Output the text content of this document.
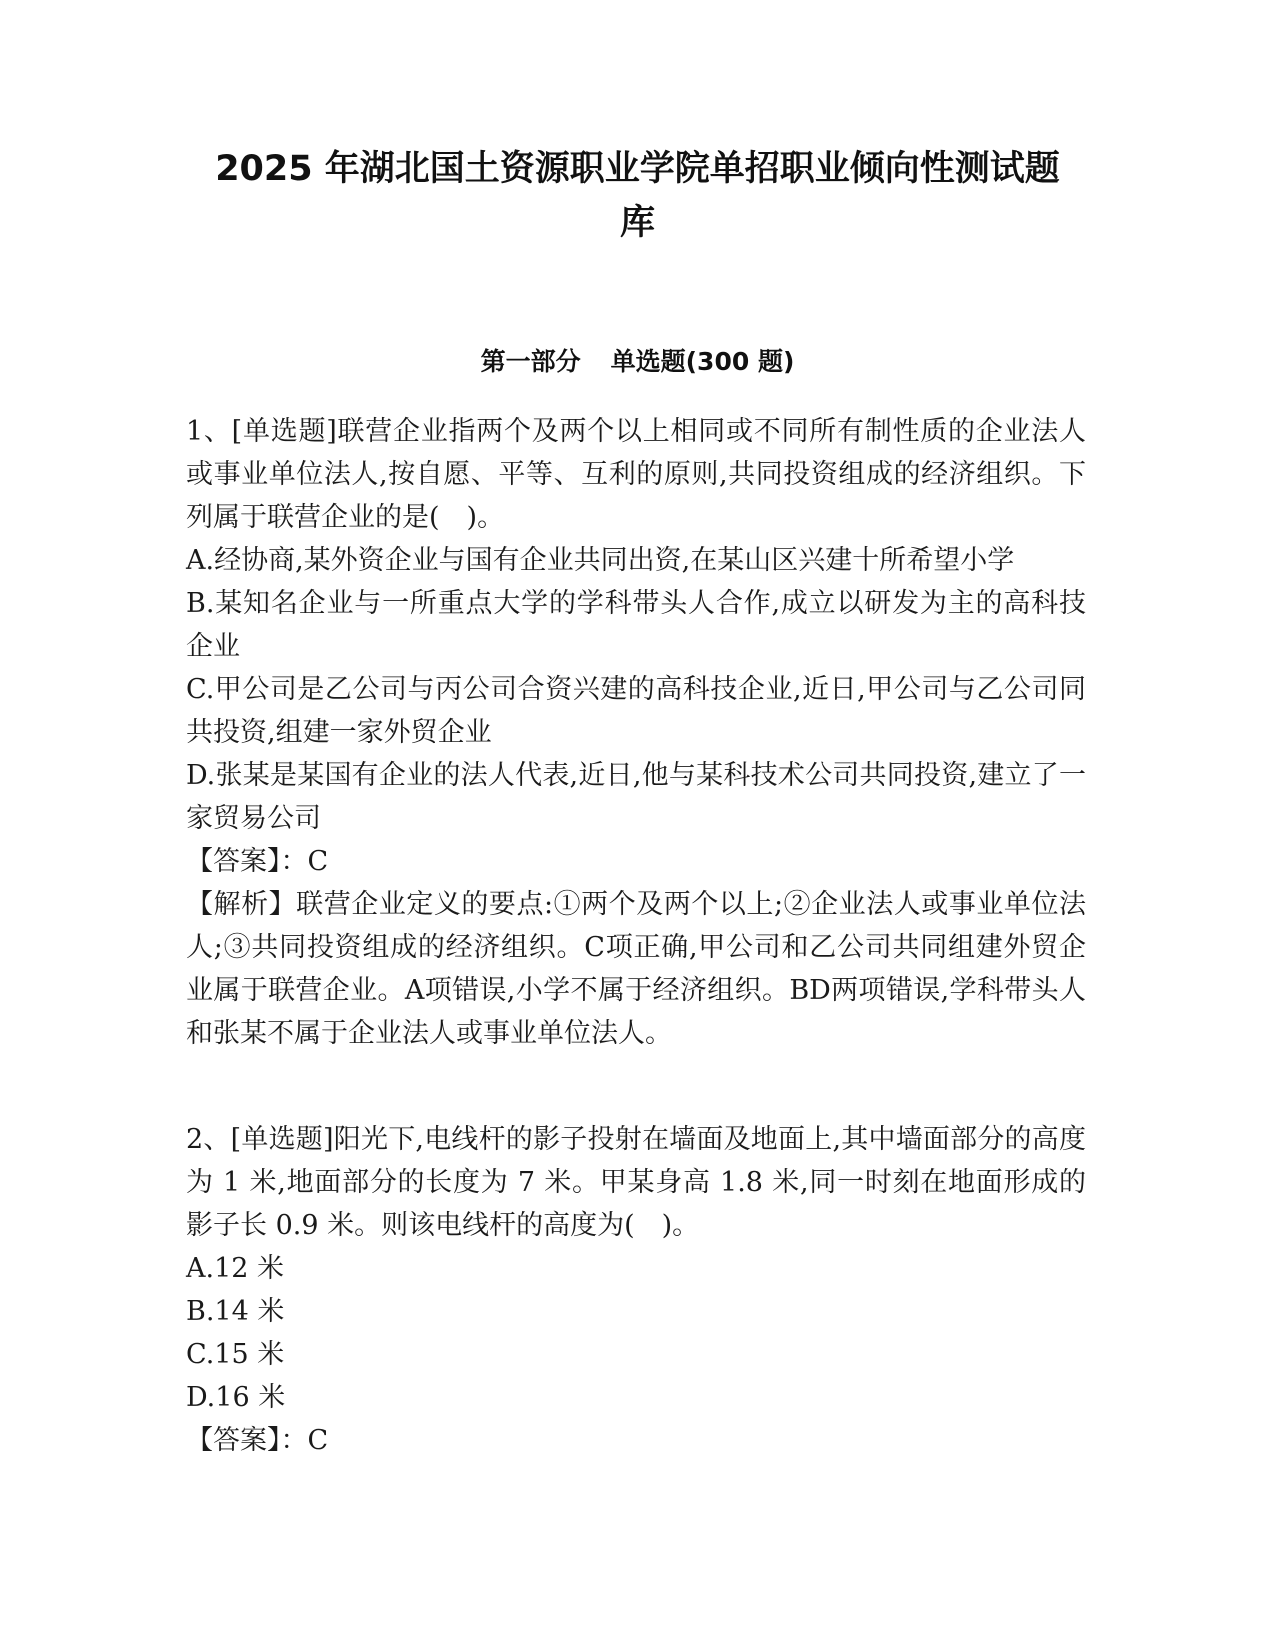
2025 年湖北国土资源职业学院单招职业倾向性测试题
库
第一部分 单选题(300 题)

1、[单选题]联营企业指两个及两个以上相同或不同所有制性质的企业法人或事业单位法人,按自愿、平等、互利的原则,共同投资组成的经济组织。下列属于联营企业的是(　)。

A.经协商,某外资企业与国有企业共同出资,在某山区兴建十所希望小学

B.某知名企业与一所重点大学的学科带头人合作,成立以研发为主的高科技企业

C.甲公司是乙公司与丙公司合资兴建的高科技企业,近日,甲公司与乙公司同共投资,组建一家外贸企业

D.张某是某国有企业的法人代表,近日,他与某科技术公司共同投资,建立了一家贸易公司

【答案】：C

【解析】联营企业定义的要点:①两个及两个以上;②企业法人或事业单位法人;③共同投资组成的经济组织。C项正确,甲公司和乙公司共同组建外贸企业属于联营企业。A项错误,小学不属于经济组织。BD两项错误,学科带头人和张某不属于企业法人或事业单位法人。

2、[单选题]阳光下,电线杆的影子投射在墙面及地面上,其中墙面部分的高度为 1 米,地面部分的长度为 7 米。甲某身高 1.8 米,同一时刻在地面形成的影子长 0.9 米。则该电线杆的高度为(　)。

A.12 米

B.14 米

C.15 米

D.16 米

【答案】：C
